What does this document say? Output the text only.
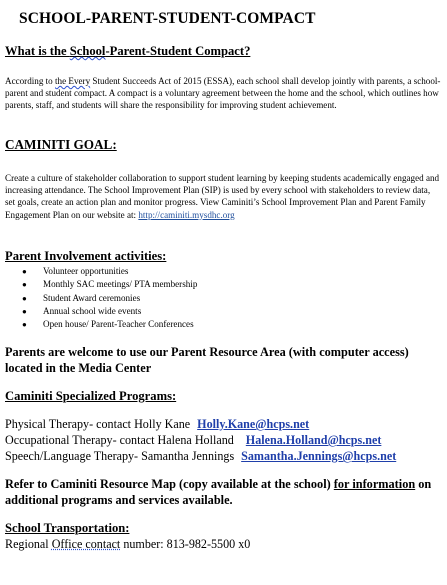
SCHOOL-PARENT-STUDENT-COMPACT
What is the School-Parent-Student Compact?
According to the Every Student Succeeds Act of 2015 (ESSA), each school shall develop jointly with parents, a school-parent and student compact. A compact is a voluntary agreement between the home and the school, which outlines how parents, staff, and students will share the responsibility for improving student achievement.
CAMINITI GOAL:
Create a culture of stakeholder collaboration to support student learning by keeping students academically engaged and increasing attendance. The School Improvement Plan (SIP) is used by every school with stakeholders to review data, set goals, create an action plan and monitor progress. View Caminiti’s School Improvement Plan and Parent Family Engagement Plan on our website at: http://caminiti.mysdhc.org
Parent Involvement activities:
● Volunteer opportunities
● Monthly SAC meetings/ PTA membership
● Student Award ceremonies
● Annual school wide events
● Open house/ Parent-Teacher Conferences
Parents are welcome to use our Parent Resource Area (with computer access) located in the Media Center
Caminiti Specialized Programs:
Physical Therapy- contact Holly Kane Holly.Kane@hcps.net
Occupational Therapy- contact Halena Holland Halena.Holland@hcps.net
Speech/Language Therapy- Samantha Jennings Samantha.Jennings@hcps.net
Refer to Caminiti Resource Map (copy available at the school) for information on additional programs and services available.
School Transportation:
Regional Office contact number: 813-982-5500 x0
